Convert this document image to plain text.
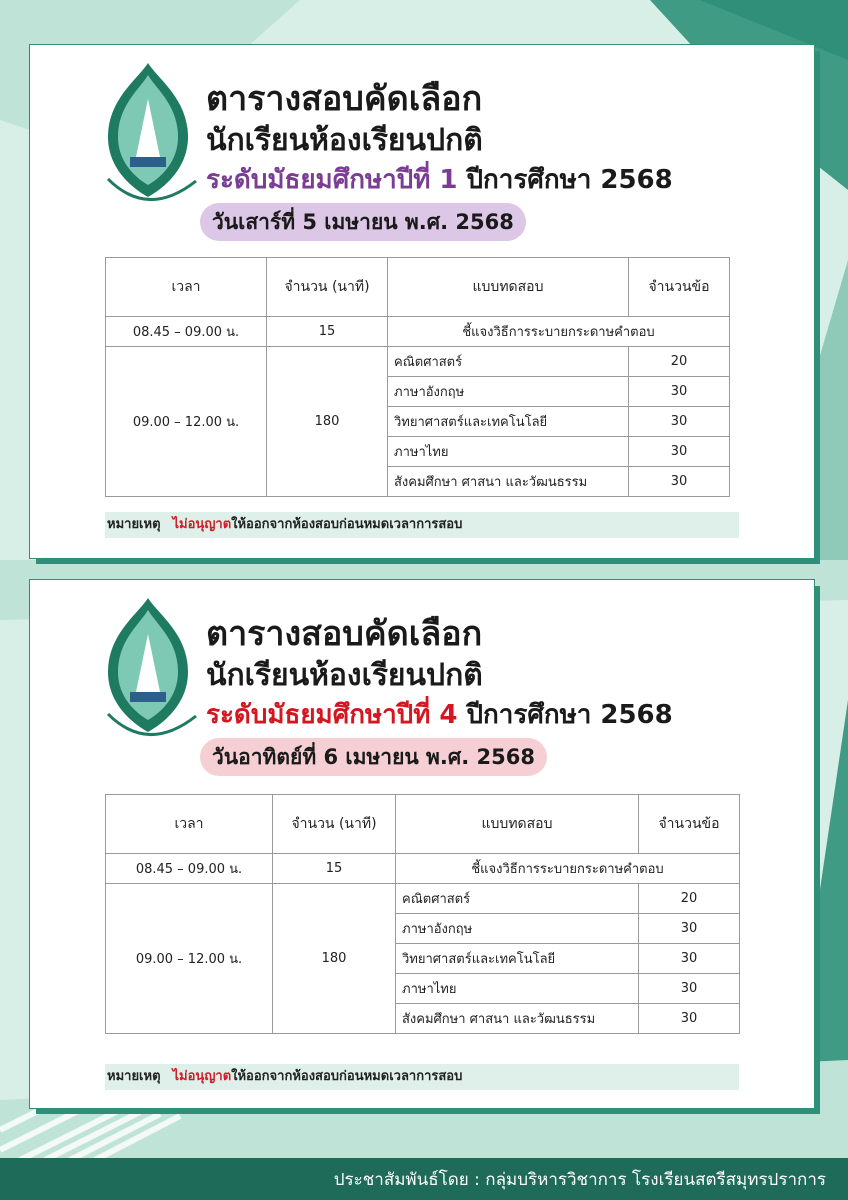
ตารางสอบคัดเลือก
นักเรียนห้องเรียนปกติ
ระดับมัธยมศึกษาปีที่ 1 ปีการศึกษา 2568
วันเสาร์ที่ 5 เมษายน พ.ศ. 2568
เวลา	จำนวน (นาที)	แบบทดสอบ	จำนวนข้อ
08.45 – 09.00 น.	15	ชี้แจงวิธีการระบายกระดาษคำตอบ	
09.00 – 12.00 น.	180	คณิตศาสตร์	20
		ภาษาอังกฤษ	30
		วิทยาศาสตร์และเทคโนโลยี	30
		ภาษาไทย	30
		สังคมศึกษา ศาสนา และวัฒนธรรม	30
หมายเหตุ ไม่อนุญาตให้ออกจากห้องสอบก่อนหมดเวลาการสอบ
ตารางสอบคัดเลือก
นักเรียนห้องเรียนปกติ
ระดับมัธยมศึกษาปีที่ 4 ปีการศึกษา 2568
วันอาทิตย์ที่ 6 เมษายน พ.ศ. 2568
เวลา	จำนวน (นาที)	แบบทดสอบ	จำนวนข้อ
08.45 – 09.00 น.	15	ชี้แจงวิธีการระบายกระดาษคำตอบ	
09.00 – 12.00 น.	180	คณิตศาสตร์	20
		ภาษาอังกฤษ	30
		วิทยาศาสตร์และเทคโนโลยี	30
		ภาษาไทย	30
		สังคมศึกษา ศาสนา และวัฒนธรรม	30
หมายเหตุ ไม่อนุญาตให้ออกจากห้องสอบก่อนหมดเวลาการสอบ
ประชาสัมพันธ์โดย : กลุ่มบริหารวิชาการ โรงเรียนสตรีสมุทรปราการ
